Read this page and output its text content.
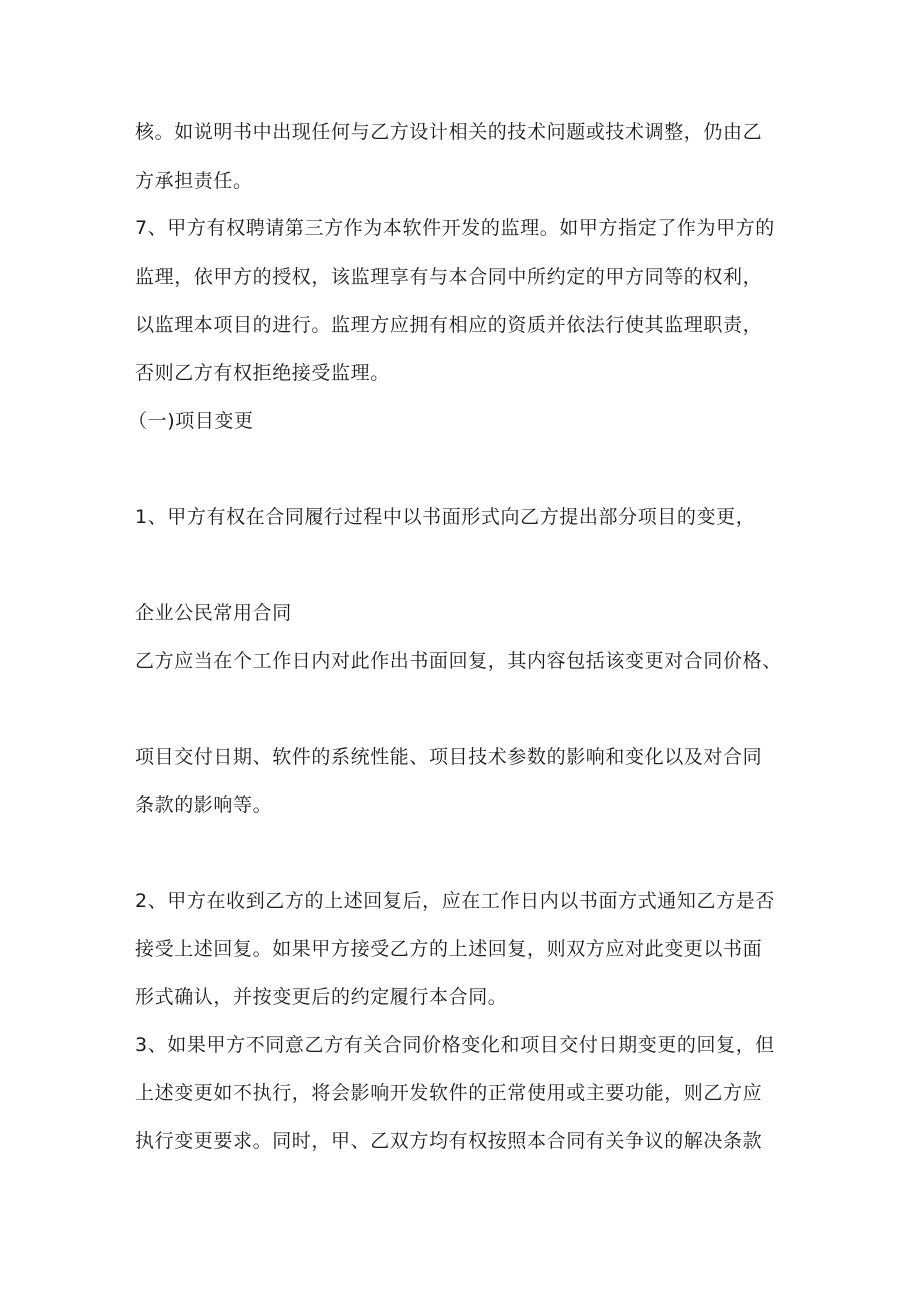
核。如说明书中出现任何与乙方设计相关的技术问题或技术调整，仍由乙
方承担责任。
7、甲方有权聘请第三方作为本软件开发的监理。如甲方指定了作为甲方的
监理，依甲方的授权，该监理享有与本合同中所约定的甲方同等的权利，
以监理本项目的进行。监理方应拥有相应的资质并依法行使其监理职责，
否则乙方有权拒绝接受监理。
（一)项目变更
1、甲方有权在合同履行过程中以书面形式向乙方提出部分项目的变更，
企业公民常用合同
乙方应当在个工作日内对此作出书面回复，其内容包括该变更对合同价格、
项目交付日期、软件的系统性能、项目技术参数的影响和变化以及对合同
条款的影响等。
2、甲方在收到乙方的上述回复后，应在工作日内以书面方式通知乙方是否
接受上述回复。如果甲方接受乙方的上述回复，则双方应对此变更以书面
形式确认，并按变更后的约定履行本合同。
3、如果甲方不同意乙方有关合同价格变化和项目交付日期变更的回复，但
上述变更如不执行，将会影响开发软件的正常使用或主要功能，则乙方应
执行变更要求。同时，甲、乙双方均有权按照本合同有关争议的解决条款
